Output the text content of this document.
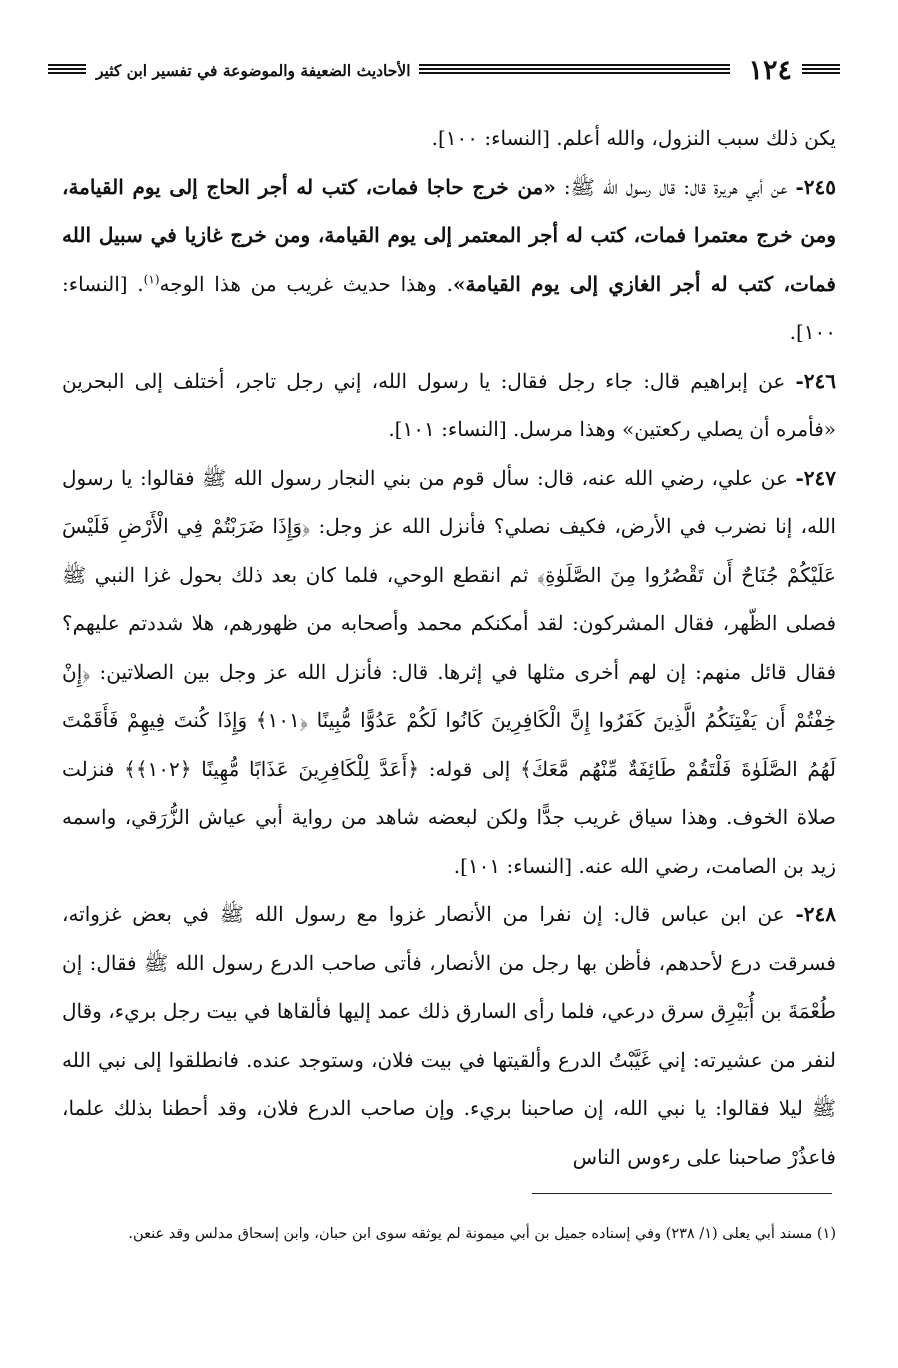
١٢٤
الأحاديث الضعيفة والموضوعة في تفسير ابن كثير

يكن ذلك سبب النزول، والله أعلم. [النساء: ١٠٠].

٢٤٥- عن أبي هريرة قال: قال رسول الله ﷺ: «من خرج حاجا فمات، كتب له أجر الحاج إلى يوم القيامة، ومن خرج معتمرا فمات، كتب له أجر المعتمر إلى يوم القيامة، ومن خرج غازيا في سبيل الله فمات، كتب له أجر الغازي إلى يوم القيامة». وهذا حديث غريب من هذا الوجه$^{(١)}$. [النساء: ١٠٠].

٢٤٦- عن إبراهيم قال: جاء رجل فقال: يا رسول الله، إني رجل تاجر، أختلف إلى البحرين «فأمره أن يصلي ركعتين» وهذا مرسل. [النساء: ١٠١].

٢٤٧- عن علي، رضي الله عنه، قال: سأل قوم من بني النجار رسول الله ﷺ فقالوا: يا رسول الله، إنا نضرب في الأرض، فكيف نصلي؟ فأنزل الله عز وجل: ﴿وَإِذَا ضَرَبْتُمْ فِي الْأَرْضِ فَلَيْسَ عَلَيْكُمْ جُنَاحٌ أَن تَقْصُرُوا مِنَ الصَّلَوٰةِ﴾ ثم انقطع الوحي، فلما كان بعد ذلك بحول غزا النبي ﷺ فصلى الظّهر، فقال المشركون: لقد أمكنكم محمد وأصحابه من ظهورهم، هلا شددتم عليهم؟ فقال قائل منهم: إن لهم أخرى مثلها في إثرها. قال: فأنزل الله عز وجل بين الصلاتين: ﴿إِنْ خِفْتُمْ أَن يَفْتِنَكُمُ الَّذِينَ كَفَرُوا إِنَّ الْكَافِرِينَ كَانُوا لَكُمْ عَدُوًّا مُّبِينًا ﴿١٠١﴾ وَإِذَا كُنتَ فِيهِمْ فَأَقَمْتَ لَهُمُ الصَّلَوٰةَ فَلْتَقُمْ طَائِفَةٌ مِّنْهُم مَّعَكَ﴾ إلى قوله: ﴿أَعَدَّ لِلْكَافِرِينَ عَذَابًا مُّهِينًا ﴿١٠٢﴾﴾ فنزلت صلاة الخوف. وهذا سياق غريب جدًّا ولكن لبعضه شاهد من رواية أبي عياش الزُّرَقي، واسمه زيد بن الصامت، رضي الله عنه. [النساء: ١٠١].

٢٤٨- عن ابن عباس قال: إن نفرا من الأنصار غزوا مع رسول الله ﷺ في بعض غزواته، فسرقت درع لأحدهم، فأظن بها رجل من الأنصار، فأتى صاحب الدرع رسول الله ﷺ فقال: إن طُعْمَةَ بن أُبَيْرِق سرق درعي، فلما رأى السارق ذلك عمد إليها فألقاها في بيت رجل بريء، وقال لنفر من عشيرته: إني غَيَّبْتُ الدرع وألقيتها في بيت فلان، وستوجد عنده. فانطلقوا إلى نبي الله ﷺ ليلا فقالوا: يا نبي الله، إن صاحبنا بريء. وإن صاحب الدرع فلان، وقد أحطنا بذلك علما، فاعذُرْ صاحبنا على رءوس الناس

(١) مسند أبي يعلى (١/ ٢٣٨) وفي إسناده جميل بن أبي ميمونة لم يوثقه سوى ابن حبان، وابن إسحاق مدلس وقد عنعن.
